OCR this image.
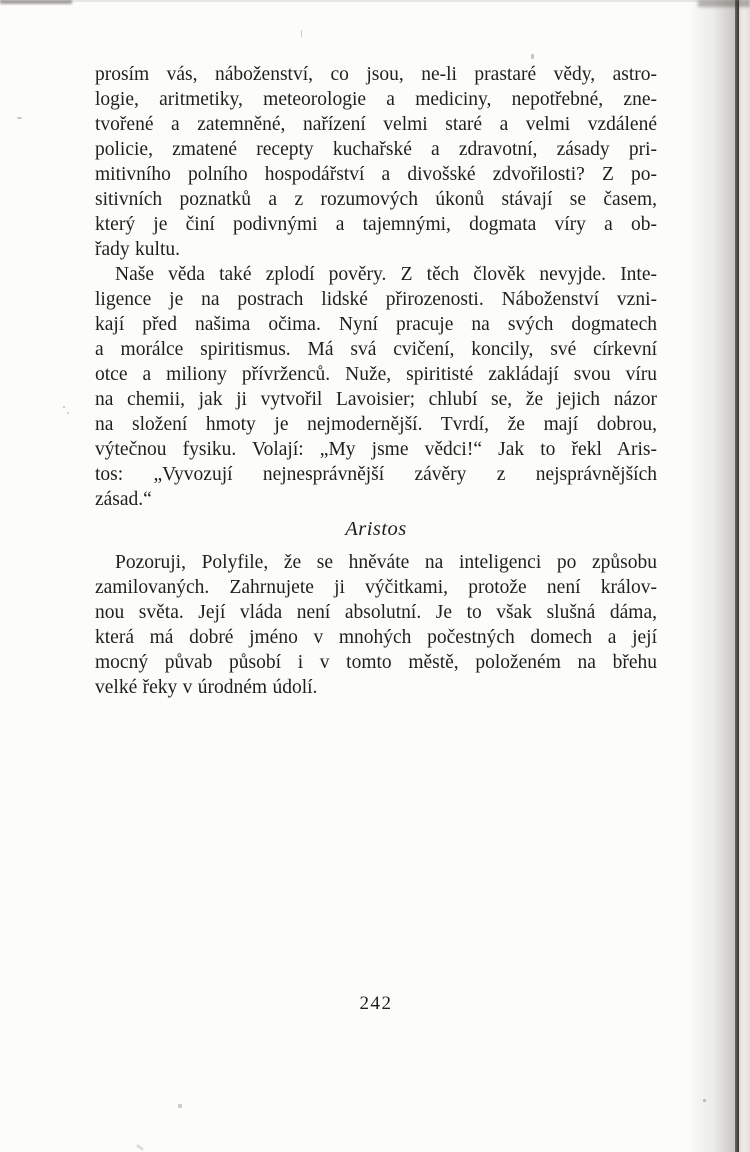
prosím vás, náboženství, co jsou, ne-li prastaré vědy, astro-
logie, aritmetiky, meteorologie a mediciny, nepotřebné, zne-
tvořené a zatemněné, nařízení velmi staré a velmi vzdálené
policie, zmatené recepty kuchařské a zdravotní, zásady pri-
mitivního polního hospodářství a divošské zdvořilosti? Z po-
sitivních poznatků a z rozumových úkonů stávají se časem,
který je činí podivnými a tajemnými, dogmata víry a ob-
řady kultu.
Naše věda také zplodí pověry. Z těch člověk nevyjde. Inte-
ligence je na postrach lidské přirozenosti. Náboženství vzni-
kají před našima očima. Nyní pracuje na svých dogmatech
a morálce spiritismus. Má svá cvičení, koncily, své církevní
otce a miliony přívrženců. Nuže, spiritisté zakládají svou víru
na chemii, jak ji vytvořil Lavoisier; chlubí se, že jejich názor
na složení hmoty je nejmodernější. Tvrdí, že mají dobrou,
výtečnou fysiku. Volají: „My jsme vědci!“ Jak to řekl Aris-
tos: „Vyvozují nejnesprávnější závěry z nejsprávnějších
zásad.“
Aristos
Pozoruji, Polyfile, že se hněváte na inteligenci po způsobu
zamilovaných. Zahrnujete ji výčitkami, protože není králov-
nou světa. Její vláda není absolutní. Je to však slušná dáma,
která má dobré jméno v mnohých počestných domech a její
mocný půvab působí i v tomto městě, položeném na břehu
velké řeky v úrodném údolí.
242
